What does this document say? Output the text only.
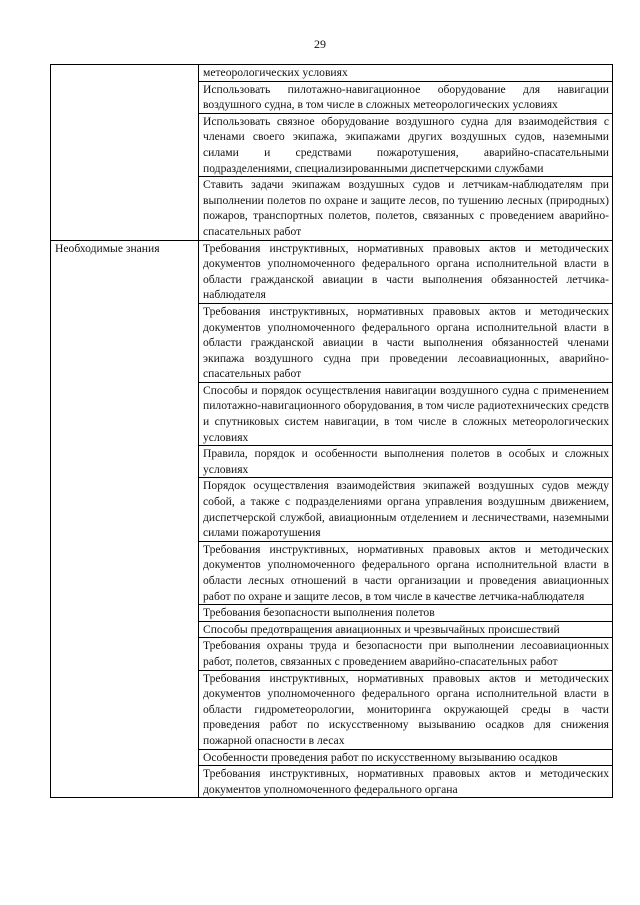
29

	метеорологических условиях

	Использовать пилотажно-навигационное оборудование для навигации воздушного судна, в том числе в сложных метеорологических условиях

	Использовать связное оборудование воздушного судна для взаимодействия с членами своего экипажа, экипажами других воздушных судов, наземными силами и средствами пожаротушения, аварийно-спасательными подразделениями, специализированными диспетчерскими службами

	Ставить задачи экипажам воздушных судов и летчикам-наблюдателям при выполнении полетов по охране и защите лесов, по тушению лесных (природных) пожаров, транспортных полетов, полетов, связанных с проведением аварийно-спасательных работ

Необходимые знания	Требования инструктивных, нормативных правовых актов и методических документов уполномоченного федерального органа исполнительной власти в области гражданской авиации в части выполнения обязанностей летчика-наблюдателя

	Требования инструктивных, нормативных правовых актов и методических документов уполномоченного федерального органа исполнительной власти в области гражданской авиации в части выполнения обязанностей членами экипажа воздушного судна при проведении лесоавиационных, аварийно-спасательных работ

	Способы и порядок осуществления навигации воздушного судна с применением пилотажно-навигационного оборудования, в том числе радиотехнических средств и спутниковых систем навигации, в том числе в сложных метеорологических условиях

	Правила, порядок и особенности выполнения полетов в особых и сложных условиях

	Порядок осуществления взаимодействия экипажей воздушных судов между собой, а также с подразделениями органа управления воздушным движением, диспетчерской службой, авиационным отделением и лесничествами, наземными силами пожаротушения

	Требования инструктивных, нормативных правовых актов и методических документов уполномоченного федерального органа исполнительной власти в области лесных отношений в части организации и проведения авиационных работ по охране и защите лесов, в том числе в качестве летчика-наблюдателя

	Требования безопасности выполнения полетов

	Способы предотвращения авиационных и чрезвычайных происшествий

	Требования охраны труда и безопасности при выполнении лесоавиационных работ, полетов, связанных с проведением аварийно-спасательных работ

	Требования инструктивных, нормативных правовых актов и методических документов уполномоченного федерального органа исполнительной власти в области гидрометеорологии, мониторинга окружающей среды в части проведения работ по искусственному вызыванию осадков для снижения пожарной опасности в лесах

	Особенности проведения работ по искусственному вызыванию осадков

	Требования инструктивных, нормативных правовых актов и методических документов уполномоченного федерального органа
